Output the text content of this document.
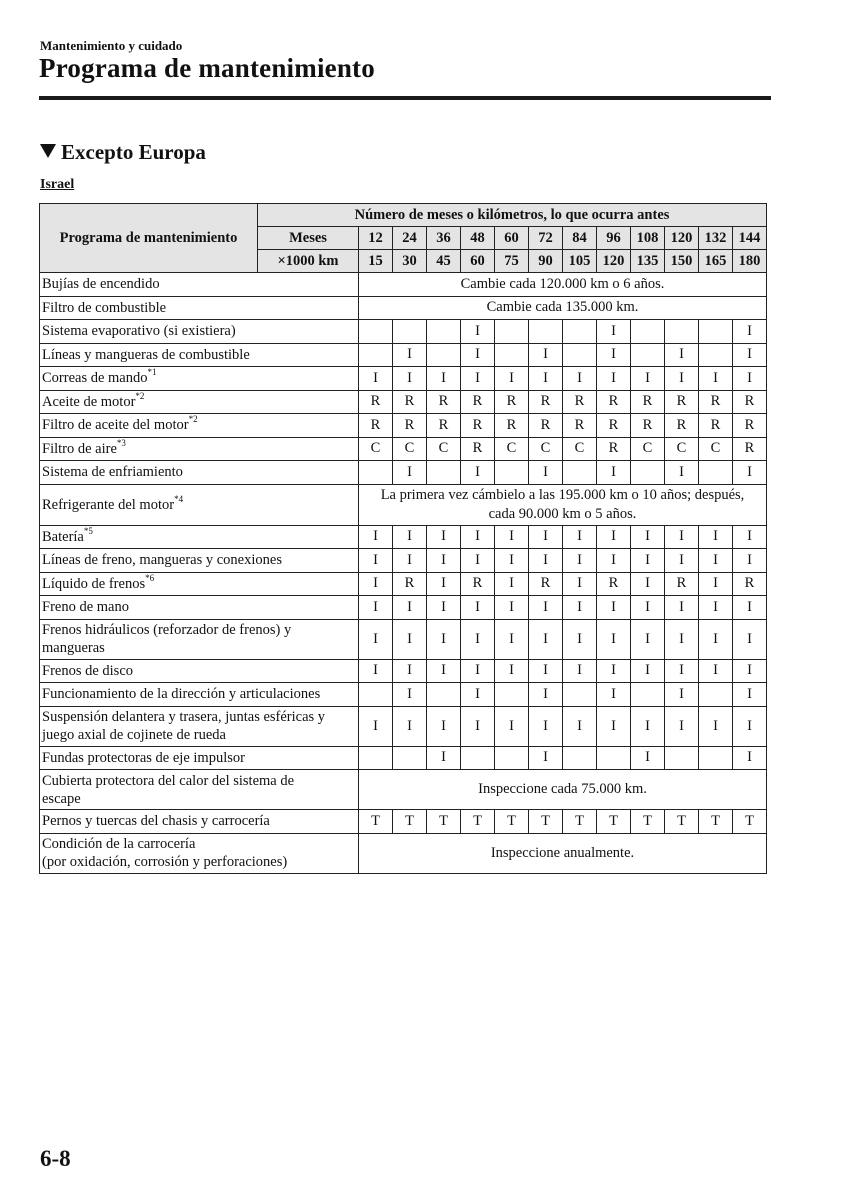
Mantenimiento y cuidado
Programa de mantenimiento
Excepto Europa
Israel
Programa de mantenimiento	Número de meses o kilómetros, lo que ocurra antes												
	Meses	12	24	36	48	60	72	84	96	108	120	132	144
	×1000 km	15	30	45	60	75	90	105	120	135	150	165	180
Bujías de encendido		Cambie cada 120.000 km o 6 años.											
Filtro de combustible		Cambie cada 135.000 km.											
Sistema evaporativo (si existiera)					I				I				I
Líneas y mangueras de combustible			I		I		I		I		I		I
Correas de mando$^{*1}$		I	I	I	I	I	I	I	I	I	I	I	I
Aceite de motor$^{*2}$		R	R	R	R	R	R	R	R	R	R	R	R
Filtro de aceite del motor$^{*2}$		R	R	R	R	R	R	R	R	R	R	R	R
Filtro de aire$^{*3}$		C	C	C	R	C	C	C	R	C	C	C	R
Sistema de enfriamiento			I		I		I		I		I		I
Refrigerante del motor$^{*4}$		La primera vez cámbielo a las 195.000 km o 10 años; después,
cada 90.000 km o 5 años.											
Batería$^{*5}$		I	I	I	I	I	I	I	I	I	I	I	I
Líneas de freno, mangueras y conexiones		I	I	I	I	I	I	I	I	I	I	I	I
Líquido de frenos$^{*6}$		I	R	I	R	I	R	I	R	I	R	I	R
Freno de mano		I	I	I	I	I	I	I	I	I	I	I	I
Frenos hidráulicos (reforzador de frenos) y
mangueras		I	I	I	I	I	I	I	I	I	I	I	I
Frenos de disco		I	I	I	I	I	I	I	I	I	I	I	I
Funcionamiento de la dirección y articulaciones			I		I		I		I		I		I
Suspensión delantera y trasera, juntas esféricas y
juego axial de cojinete de rueda		I	I	I	I	I	I	I	I	I	I	I	I
Fundas protectoras de eje impulsor				I			I			I			I
Cubierta protectora del calor del sistema de
escape		Inspeccione cada 75.000 km.											
Pernos y tuercas del chasis y carrocería		T	T	T	T	T	T	T	T	T	T	T	T
Condición de la carrocería
(por oxidación, corrosión y perforaciones)		Inspeccione anualmente.											
6-8
